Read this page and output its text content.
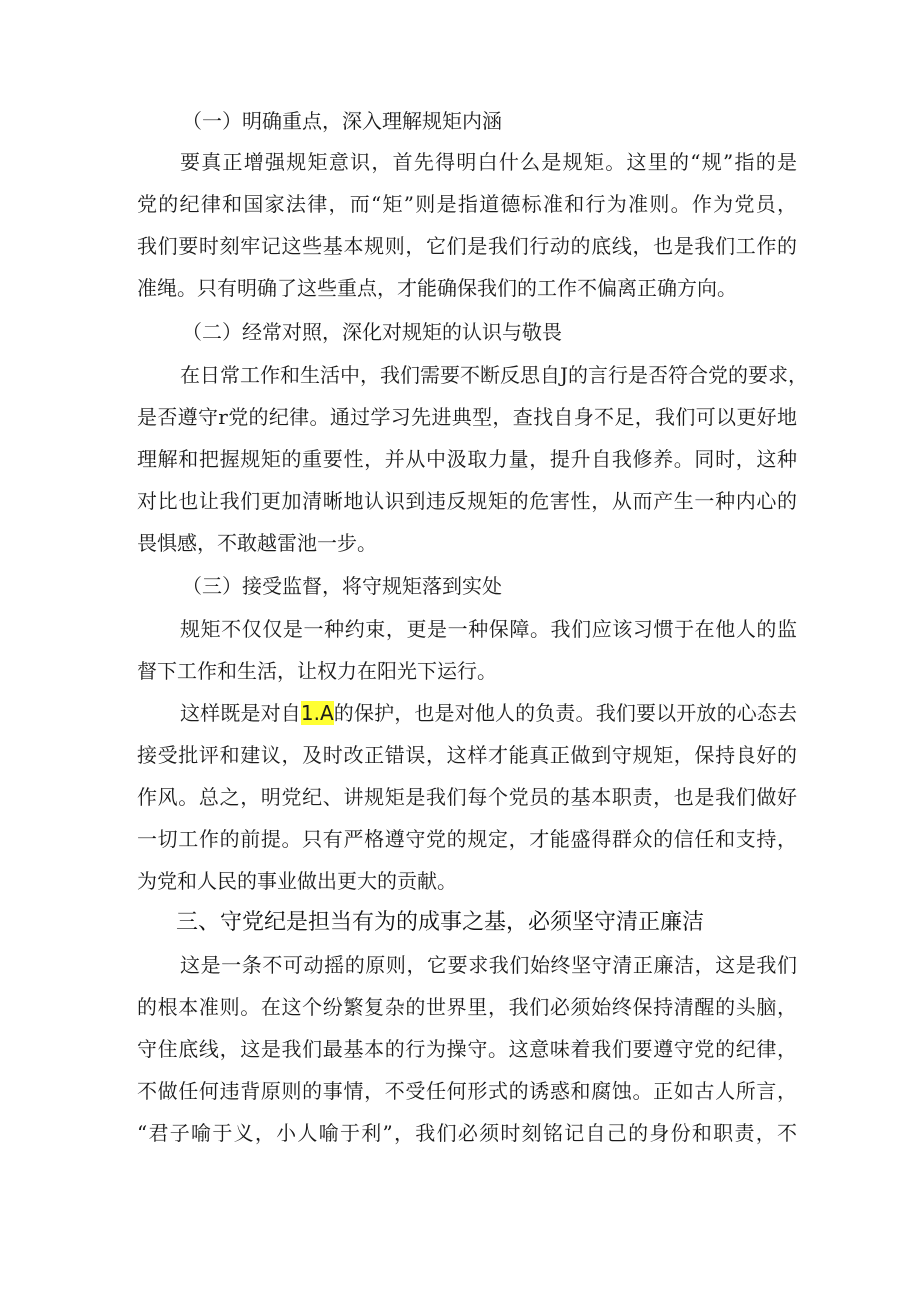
（一）明确重点，深入理解规矩内涵
要真正增强规矩意识，首先得明白什么是规矩。这里的“规”指的是
党的纪律和国家法律，而“矩”则是指道德标准和行为准则。作为党员，
我们要时刻牢记这些基本规则，它们是我们行动的底线，也是我们工作的
准绳。只有明确了这些重点，才能确保我们的工作不偏离正确方向。
（二）经常对照，深化对规矩的认识与敬畏
在日常工作和生活中，我们需要不断反思自J的言行是否符合党的要求，
是否遵守r党的纪律。通过学习先进典型，查找自身不足，我们可以更好地
理解和把握规矩的重要性，并从中汲取力量，提升自我修养。同时，这种
对比也让我们更加清晰地认识到违反规矩的危害性，从而产生一种内心的
畏惧感，不敢越雷池一步。
（三）接受监督，将守规矩落到实处
规矩不仅仅是一种约束，更是一种保障。我们应该习惯于在他人的监
督下工作和生活，让权力在阳光下运行。
这样既是对自1.A的保护，也是对他人的负责。我们要以开放的心态去
接受批评和建议，及时改正错误，这样才能真正做到守规矩，保持良好的
作风。总之，明党纪、讲规矩是我们每个党员的基本职责，也是我们做好
一切工作的前提。只有严格遵守党的规定，才能盛得群众的信任和支持，
为党和人民的事业做出更大的贡献。
三、守党纪是担当有为的成事之基，必须坚守清正廉洁
这是一条不可动摇的原则，它要求我们始终坚守清正廉洁，这是我们
的根本准则。在这个纷繁复杂的世界里，我们必须始终保持清醒的头脑，
守住底线，这是我们最基本的行为操守。这意味着我们要遵守党的纪律，
不做任何违背原则的事情，不受任何形式的诱惑和腐蚀。正如古人所言，
“君子喻于义，小人喻于利”，我们必须时刻铭记自己的身份和职责，不
